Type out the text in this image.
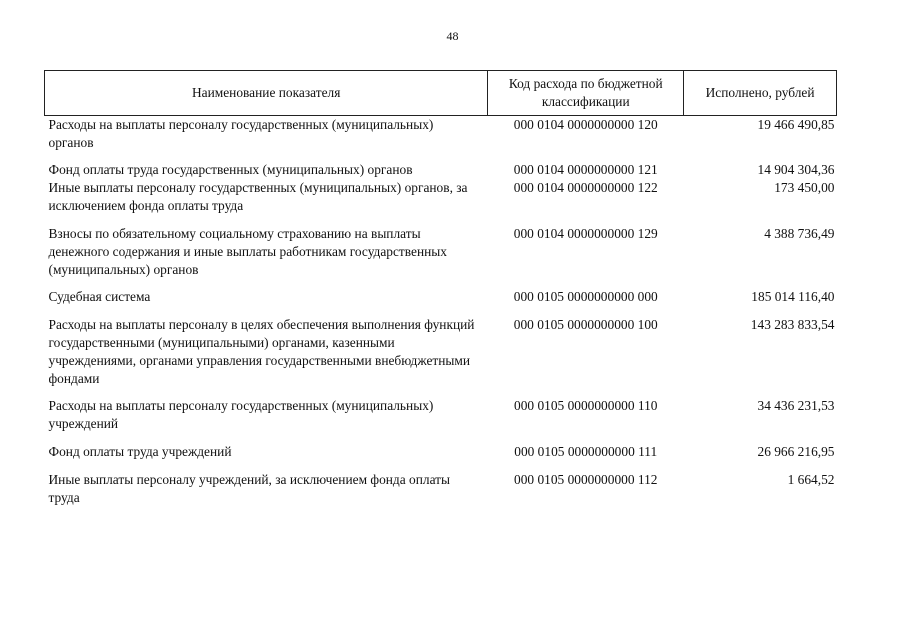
48
Наименование показателя	Код расхода по бюджетной классификации	Исполнено, рублей
Расходы на выплаты персоналу государственных (муниципальных) органов	000 0104 0000000000 120	19 466 490,85
Фонд оплаты труда государственных (муниципальных) органов	000 0104 0000000000 121	14 904 304,36
Иные выплаты персоналу государственных (муниципальных) органов, за исключением фонда оплаты труда	000 0104 0000000000 122	173 450,00
Взносы по обязательному социальному страхованию на выплаты денежного содержания и иные выплаты работникам государственных (муниципальных) органов	000 0104 0000000000 129	4 388 736,49
Судебная система	000 0105 0000000000 000	185 014 116,40
Расходы на выплаты персоналу в целях обеспечения выполнения функций государственными (муниципальными) органами, казенными учреждениями, органами управления государственными внебюджетными фондами	000 0105 0000000000 100	143 283 833,54
Расходы на выплаты персоналу государственных (муниципальных) учреждений	000 0105 0000000000 110	34 436 231,53
Фонд оплаты труда учреждений	000 0105 0000000000 111	26 966 216,95
Иные выплаты персоналу учреждений, за исключением фонда оплаты труда	000 0105 0000000000 112	1 664,52
